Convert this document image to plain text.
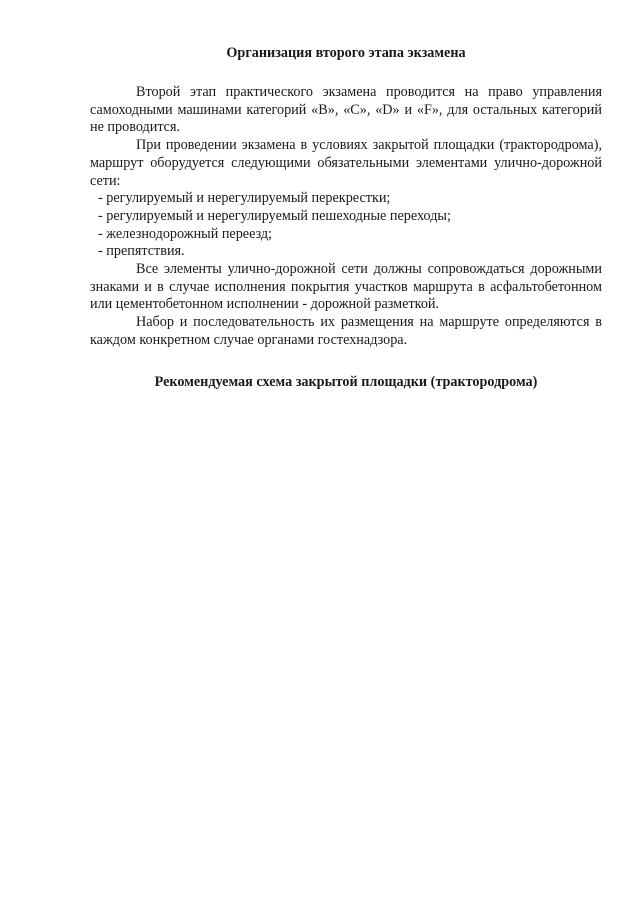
Организация второго этапа экзамена

Второй этап практического экзамена проводится на право управления самоходными машинами категорий «B», «C», «D» и «F», для остальных категорий не проводится.

При проведении экзамена в условиях закрытой площадки (трактородрома), маршрут оборудуется следующими обязательными элементами улично-дорожной сети:

- регулируемый и нерегулируемый перекрестки;
- регулируемый и нерегулируемый пешеходные переходы;
- железнодорожный переезд;
- препятствия.

Все элементы улично-дорожной сети должны сопровождаться дорожными знаками и в случае исполнения покрытия участков маршрута в асфальтобетонном или цементобетонном исполнении - дорожной разметкой.

Набор и последовательность их размещения на маршруте определяются в каждом конкретном случае органами гостехнадзора.

Рекомендуемая схема закрытой площадки (трактородрома)
